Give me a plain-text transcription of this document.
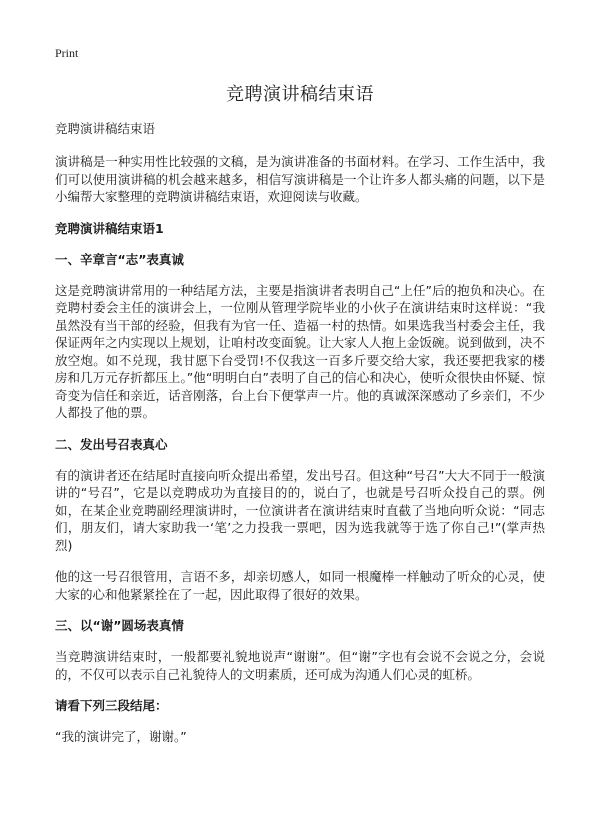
Print
竞聘演讲稿结束语

竞聘演讲稿结束语

演讲稿是一种实用性比较强的文稿，是为演讲准备的书面材料。在学习、工作生活中，我们可以使用演讲稿的机会越来越多，相信写演讲稿是一个让许多人都头痛的问题，以下是小编帮大家整理的竞聘演讲稿结束语，欢迎阅读与收藏。

竞聘演讲稿结束语1

一、辛章言“志”表真诚

这是竞聘演讲常用的一种结尾方法，主要是指演讲者表明自己“上任”后的抱负和决心。在竞聘村委会主任的演讲会上，一位刚从管理学院毕业的小伙子在演讲结束时这样说：“我虽然没有当干部的经验，但我有为官一任、造福一村的热情。如果选我当村委会主任，我保证两年之内实现以上规划，让咱村改变面貌。让大家人人抱上金饭碗。说到做到，决不放空炮。如不兑现，我甘愿下台受罚!不仅我这一百多斤要交给大家，我还要把我家的楼房和几万元存折都压上。”他“明明白白”表明了自己的信心和决心，使听众很快由怀疑、惊奇变为信任和亲近，话音刚落，台上台下便掌声一片。他的真诚深深感动了乡亲们，不少人都投了他的票。

二、发出号召表真心

有的演讲者还在结尾时直接向听众提出希望，发出号召。但这种“号召”大大不同于一般演讲的“号召”，它是以竞聘成功为直接目的的，说白了，也就是号召听众投自己的票。例如，在某企业竞聘副经理演讲时，一位演讲者在演讲结束时直截了当地向听众说：“同志们，朋友们，请大家助我一‘笔’之力投我一票吧，因为选我就等于选了你自己!”(掌声热烈)

他的这一号召很管用，言语不多，却亲切感人，如同一根魔棒一样触动了听众的心灵，使大家的心和他紧紧拴在了一起，因此取得了很好的效果。

三、以“谢”圆场表真情

当竞聘演讲结束时，一般都要礼貌地说声“谢谢”。但“谢”字也有会说不会说之分，会说的，不仅可以表示自己礼貌待人的文明素质，还可成为沟通人们心灵的虹桥。

请看下列三段结尾：

“我的演讲完了，谢谢。”
